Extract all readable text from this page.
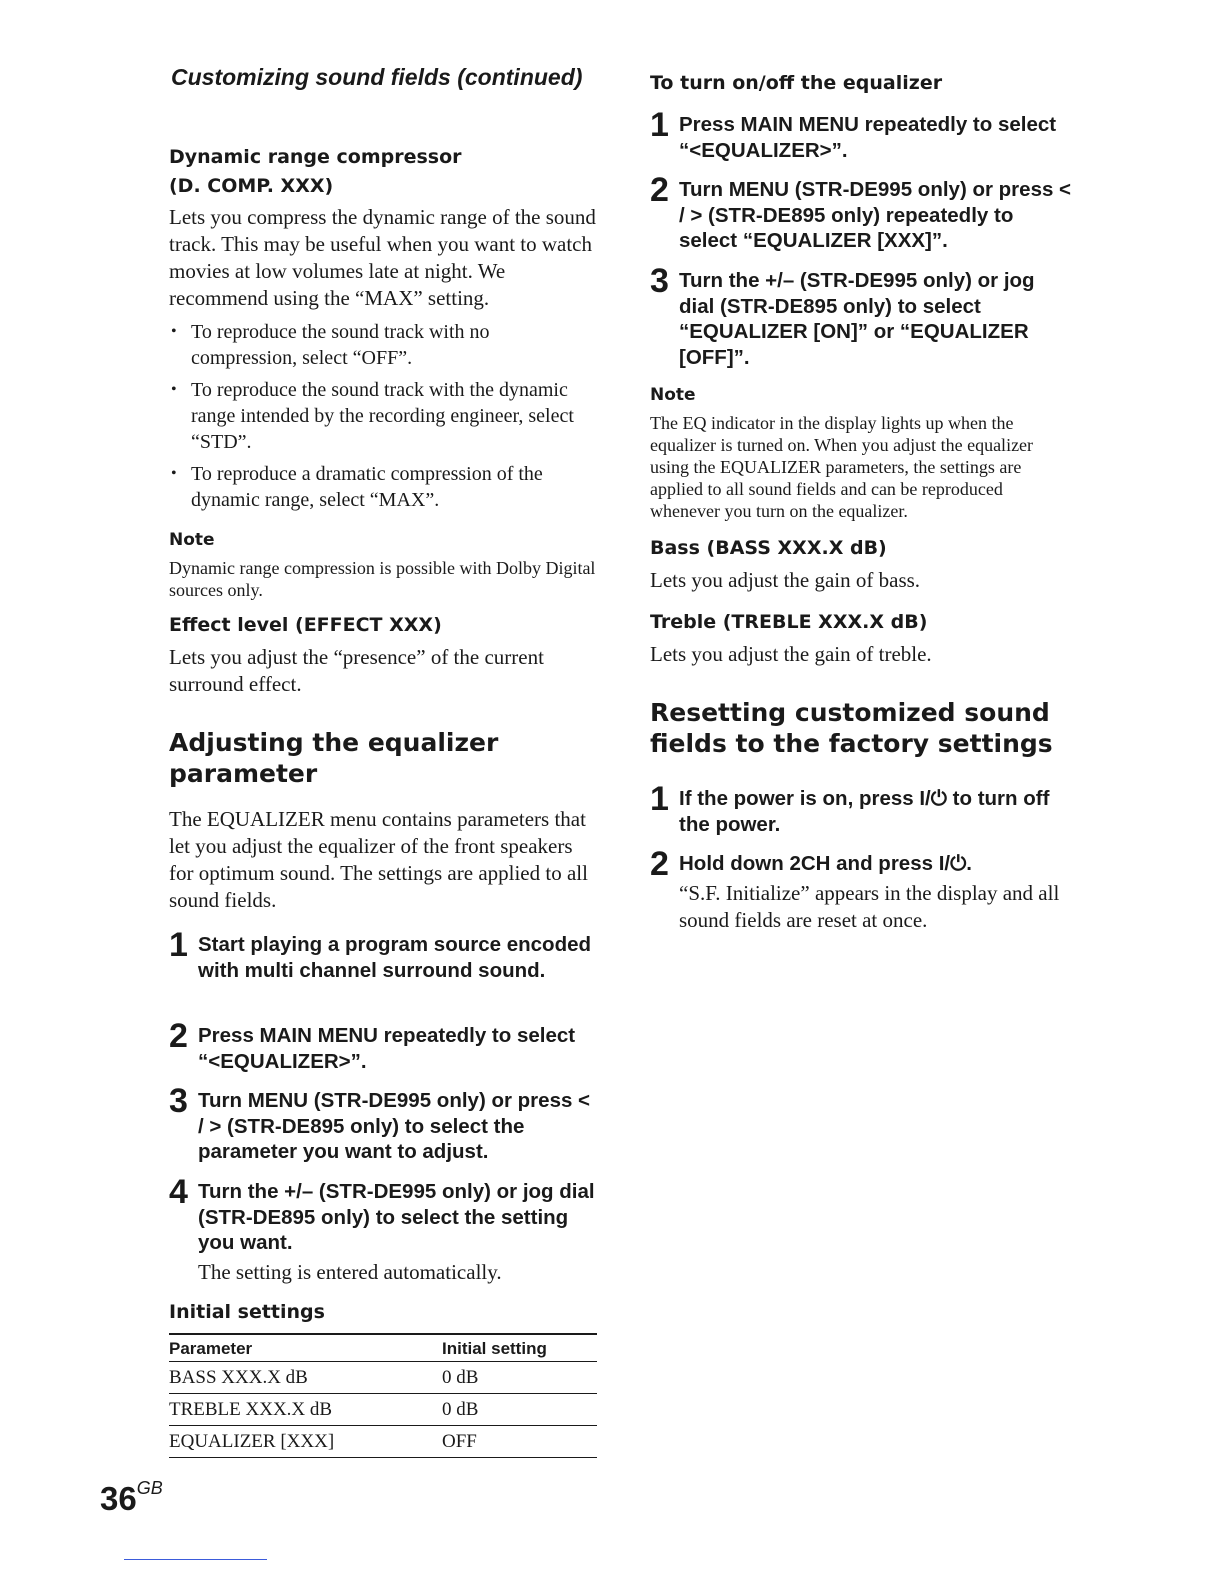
Customizing sound fields (continued)
Dynamic range compressor
(D. COMP. XXX)
Lets you compress the dynamic range of the sound track. This may be useful when you want to watch movies at low volumes late at night. We recommend using the “MAX” setting.
• To reproduce the sound track with no compression, select “OFF”.
• To reproduce the sound track with the dynamic range intended by the recording engineer, select “STD”.
• To reproduce a dramatic compression of the dynamic range, select “MAX”.
Note
Dynamic range compression is possible with Dolby Digital sources only.
Effect level (EFFECT XXX)
Lets you adjust the “presence” of the current surround effect.
Adjusting the equalizer
parameter
The EQUALIZER menu contains parameters that let you adjust the equalizer of the front speakers for optimum sound. The settings are applied to all sound fields.
1 Start playing a program source encoded with multi channel surround sound.
2 Press MAIN MENU repeatedly to select “<EQUALIZER>”.
3 Turn MENU (STR-DE995 only) or press < / > (STR-DE895 only) to select the parameter you want to adjust.
4 Turn the +/– (STR-DE995 only) or jog dial (STR-DE895 only) to select the setting you want.
The setting is entered automatically.
Initial settings
Parameter	Initial setting
BASS XXX.X dB	0 dB
TREBLE XXX.X dB	0 dB
EQUALIZER [XXX]	OFF
To turn on/off the equalizer
1 Press MAIN MENU repeatedly to select “<EQUALIZER>”.
2 Turn MENU (STR-DE995 only) or press < / > (STR-DE895 only) repeatedly to select “EQUALIZER [XXX]”.
3 Turn the +/– (STR-DE995 only) or jog dial (STR-DE895 only) to select “EQUALIZER [ON]” or “EQUALIZER [OFF]”.
Note
The EQ indicator in the display lights up when the equalizer is turned on. When you adjust the equalizer using the EQUALIZER parameters, the settings are applied to all sound fields and can be reproduced whenever you turn on the equalizer.
Bass (BASS XXX.X dB)
Lets you adjust the gain of bass.
Treble (TREBLE XXX.X dB)
Lets you adjust the gain of treble.
Resetting customized sound fields to the factory settings
1 If the power is on, press I/⏻ to turn off the power.
2 Hold down 2CH and press I/⏻.
“S.F. Initialize” appears in the display and all sound fields are reset at once.
$36^{GB}$
